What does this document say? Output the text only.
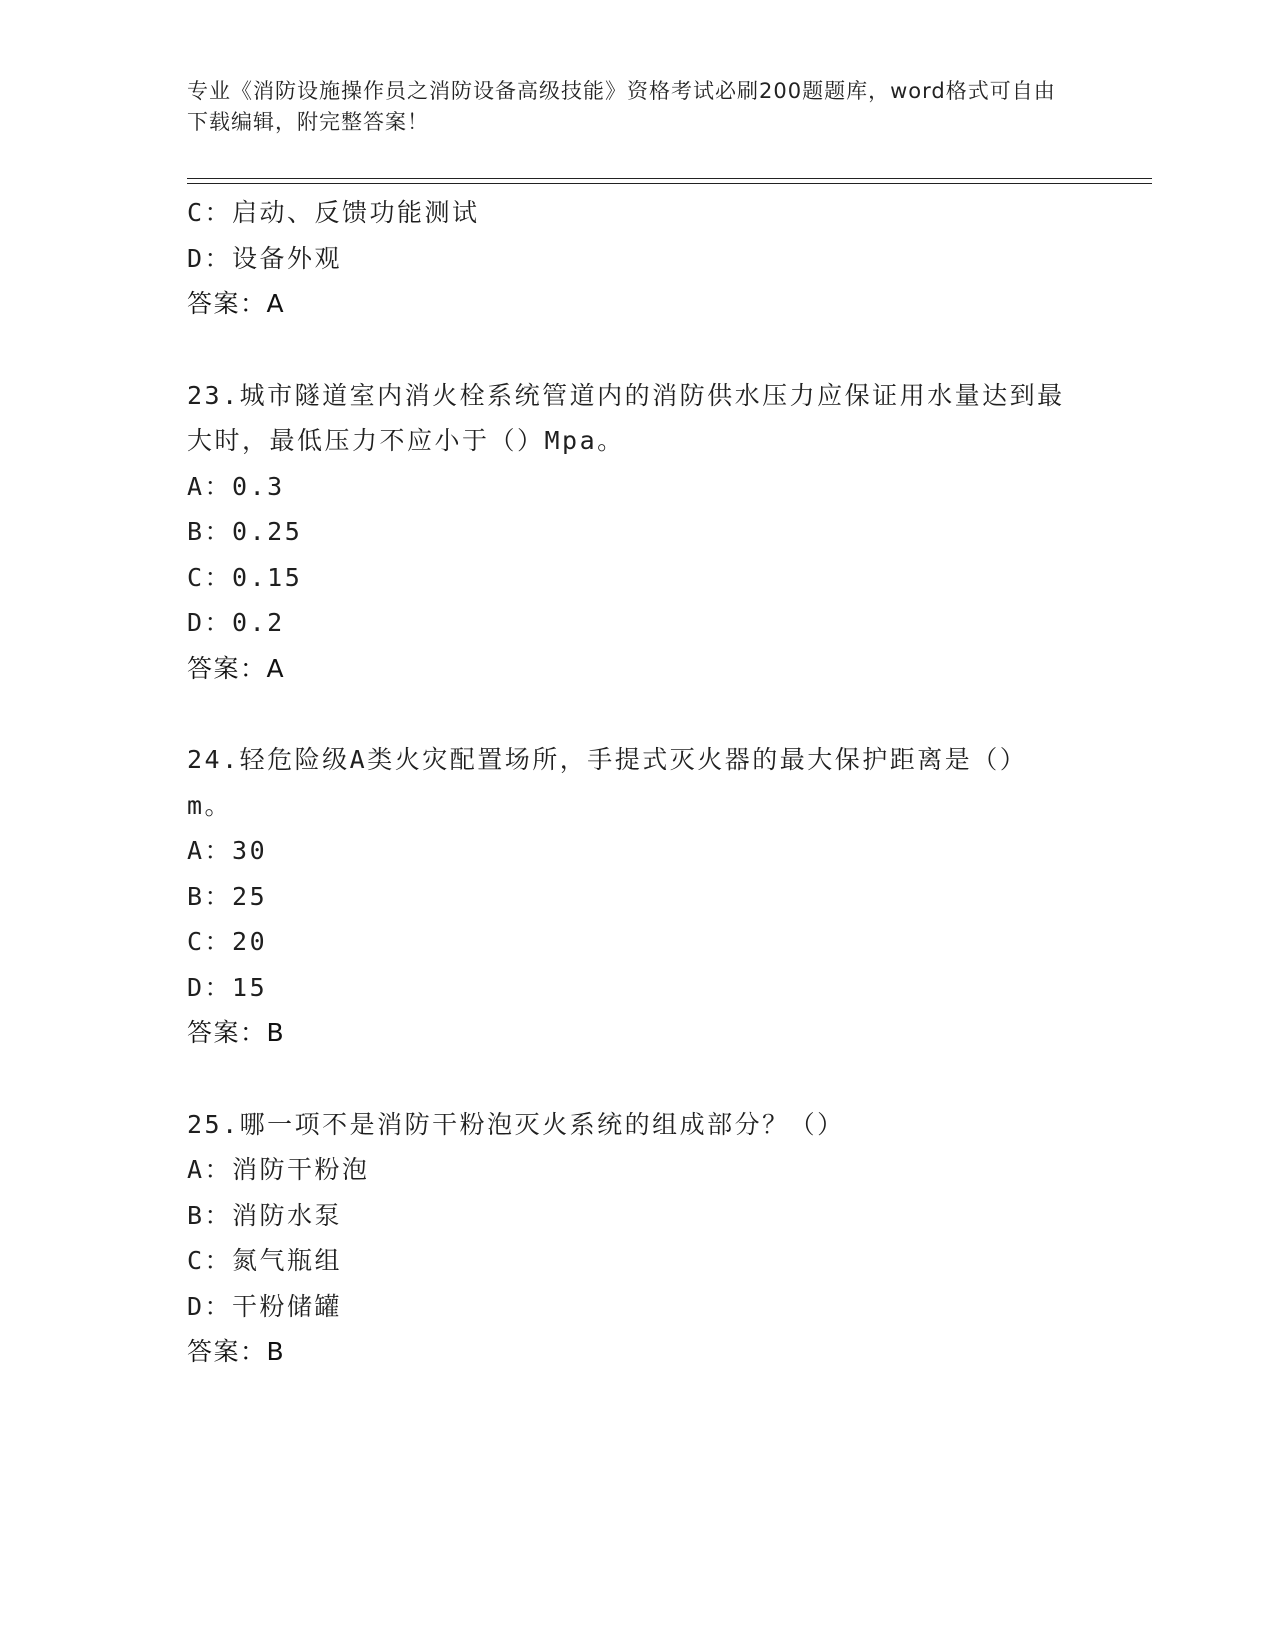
专业《消防设施操作员之消防设备高级技能》资格考试必刷200题题库，word格式可自由下载编辑，附完整答案！
C：启动、反馈功能测试
D：设备外观
答案：A
23.城市隧道室内消火栓系统管道内的消防供水压力应保证用水量达到最大时，最低压力不应小于（）Mpa。
A：0.3
B：0.25
C：0.15
D：0.2
答案：A
24.轻危险级A类火灾配置场所，手提式灭火器的最大保护距离是（）m。
A：30
B：25
C：20
D：15
答案：B
25.哪一项不是消防干粉泡灭火系统的组成部分？（）
A：消防干粉泡
B：消防水泵
C：氮气瓶组
D：干粉储罐
答案：B
